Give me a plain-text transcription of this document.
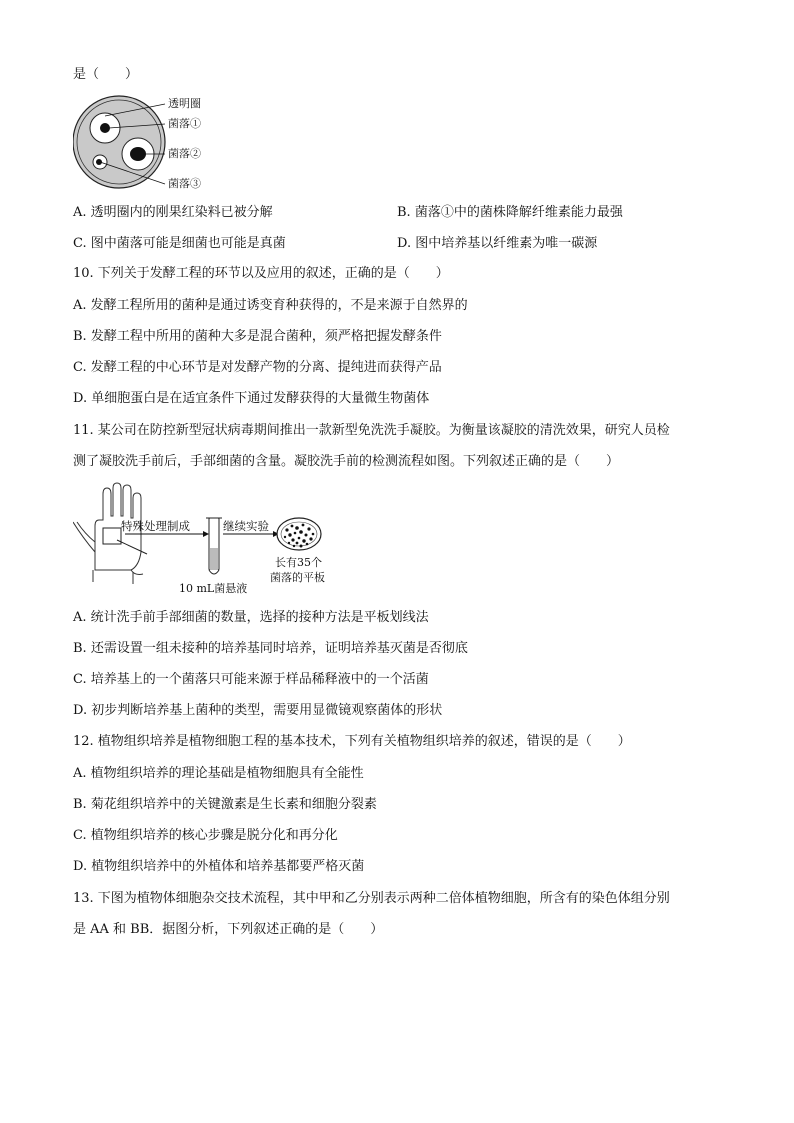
是（　　）
透明圈
菌落①
菌落②
菌落③
A. 透明圈内的刚果红染料已被分解	B. 菌落①中的菌株降解纤维素能力最强
C. 图中菌落可能是细菌也可能是真菌	D. 图中培养基以纤维素为唯一碳源
10. 下列关于发酵工程的环节以及应用的叙述，正确的是（　　）
A. 发酵工程所用的菌种是通过诱变育种获得的，不是来源于自然界的
B. 发酵工程中所用的菌种大多是混合菌种，须严格把握发酵条件
C. 发酵工程的中心环节是对发酵产物的分离、提纯进而获得产品
D. 单细胞蛋白是在适宜条件下通过发酵获得的大量微生物菌体
11. 某公司在防控新型冠状病毒期间推出一款新型免洗洗手凝胶。为衡量该凝胶的清洗效果，研究人员检
测了凝胶洗手前后，手部细菌的含量。凝胶洗手前的检测流程如图。下列叙述正确的是（　　）
特殊处理制成	继续实验
10 mL菌悬液
长有35个
菌落的平板
A. 统计洗手前手部细菌的数量，选择的接种方法是平板划线法
B. 还需设置一组未接种的培养基同时培养，证明培养基灭菌是否彻底
C. 培养基上的一个菌落只可能来源于样品稀释液中的一个活菌
D. 初步判断培养基上菌种的类型，需要用显微镜观察菌体的形状
12. 植物组织培养是植物细胞工程的基本技术，下列有关植物组织培养的叙述，错误的是（　　）
A. 植物组织培养的理论基础是植物细胞具有全能性
B. 菊花组织培养中的关键激素是生长素和细胞分裂素
C. 植物组织培养的核心步骤是脱分化和再分化
D. 植物组织培养中的外植体和培养基都要严格灭菌
13. 下图为植物体细胞杂交技术流程，其中甲和乙分别表示两种二倍体植物细胞，所含有的染色体组分别
是 AA 和 BB．据图分析，下列叙述正确的是（　　）
